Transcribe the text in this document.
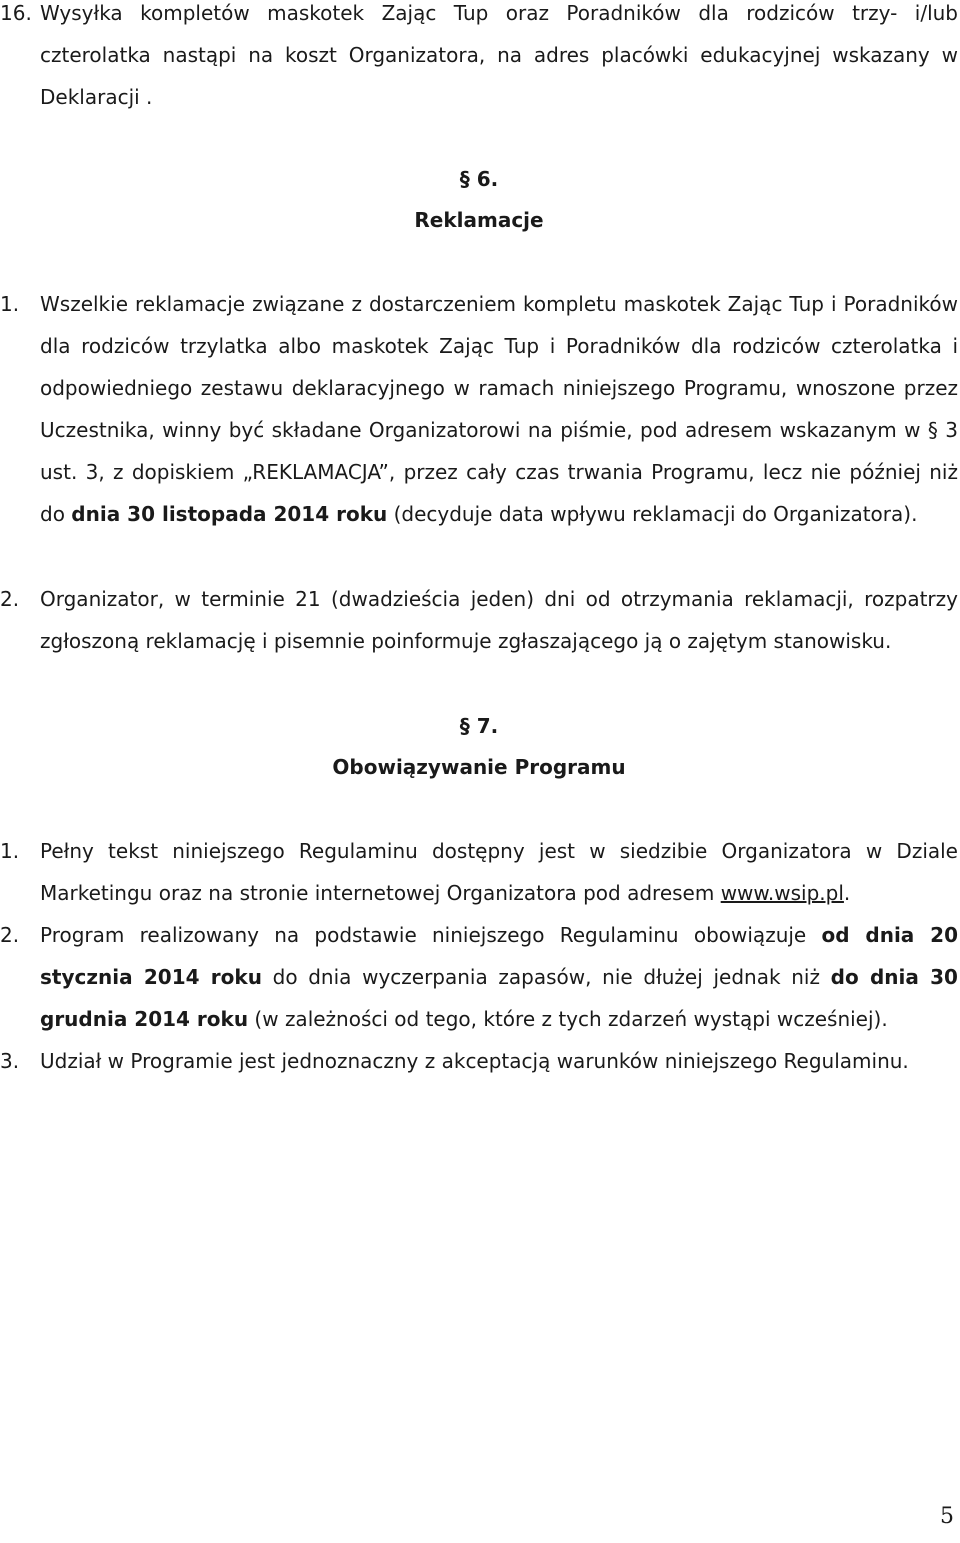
16. Wysyłka kompletów maskotek Zając Tup oraz Poradników dla rodziców trzy- i/lub czterolatka nastąpi na koszt Organizatora, na adres placówki edukacyjnej wskazany w Deklaracji .
§ 6.
Reklamacje
1.	Wszelkie reklamacje związane z dostarczeniem kompletu maskotek Zając Tup i Poradników dla rodziców trzylatka albo maskotek Zając Tup i Poradników dla rodziców czterolatka i odpowiedniego zestawu deklaracyjnego w ramach niniejszego Programu, wnoszone przez Uczestnika, winny być składane Organizatorowi na piśmie, pod adresem wskazanym w § 3 ust. 3, z dopiskiem „REKLAMACJA”, przez cały czas trwania Programu, lecz nie później niż do dnia 30 listopada 2014 roku (decyduje data wpływu reklamacji do Organizatora).
2.	Organizator, w terminie 21 (dwadzieścia jeden) dni od otrzymania reklamacji, rozpatrzy zgłoszoną reklamację i pisemnie poinformuje zgłaszającego ją o zajętym stanowisku.
§ 7.
Obowiązywanie Programu
1.	Pełny tekst niniejszego Regulaminu dostępny jest w siedzibie Organizatora w Dziale Marketingu oraz na stronie internetowej Organizatora pod adresem www.wsip.pl.
2.	Program realizowany na podstawie niniejszego Regulaminu obowiązuje od dnia 20 stycznia 2014 roku do dnia wyczerpania zapasów, nie dłużej jednak niż do dnia 30 grudnia 2014 roku (w zależności od tego, które z tych zdarzeń wystąpi wcześniej).
3.	Udział w Programie jest jednoznaczny z akceptacją warunków niniejszego Regulaminu.
5
